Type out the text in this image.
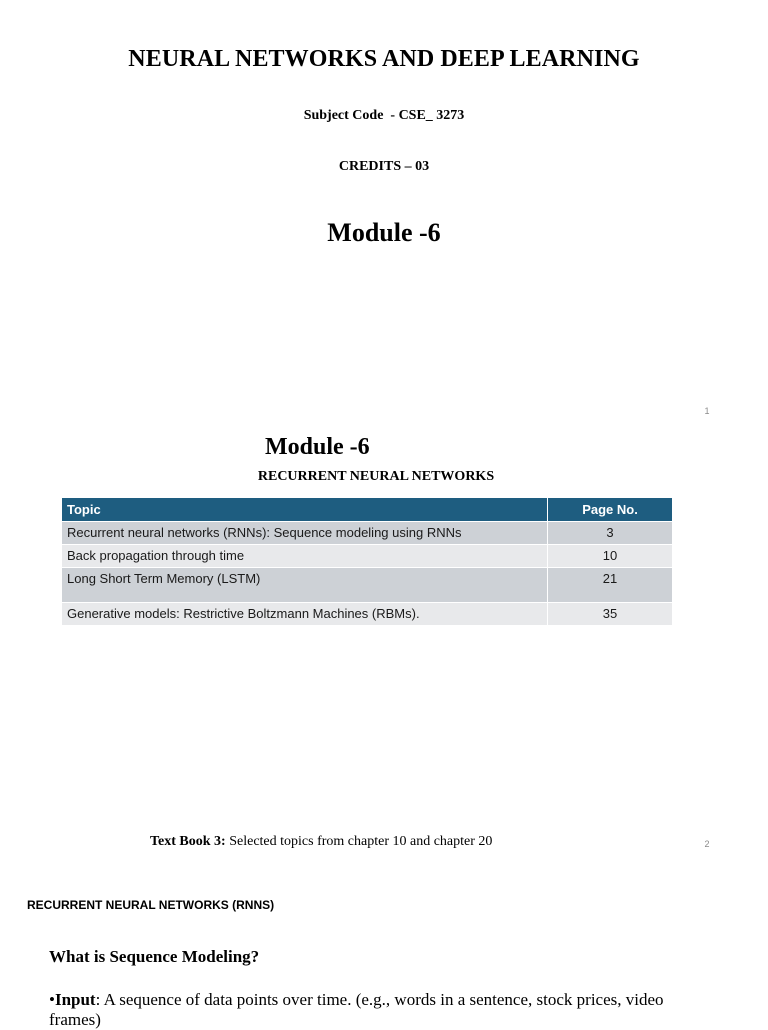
NEURAL NETWORKS AND DEEP LEARNING
Subject Code  - CSE_ 3273
CREDITS – 03
Module -6
1
Module -6
RECURRENT NEURAL NETWORKS
Topic	Page No.
Recurrent neural networks (RNNs): Sequence modeling using RNNs	3
Back propagation through time	10
Long Short Term Memory (LSTM)	21
Generative models: Restrictive Boltzmann Machines (RBMs).	35
Text Book 3: Selected topics from chapter 10 and chapter 20	2
RECURRENT NEURAL NETWORKS (RNNS)
What is Sequence Modeling?
•Input: A sequence of data points over time. (e.g., words in a sentence, stock prices, video frames)
